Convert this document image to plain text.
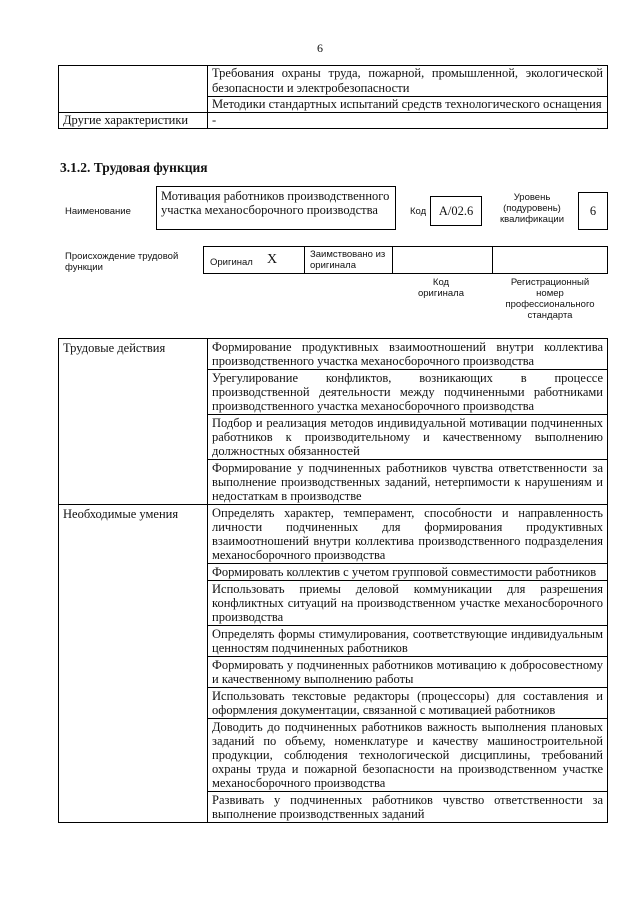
6
	Требования охраны труда, пожарной, промышленной, экологической безопасности и электробезопасности
	Методики стандартных испытаний средств технологического оснащения
Другие характеристики	-
3.1.2. Трудовая функция
Наименование
Мотивация работников производственного участка механосборочного производства	Код	A/02.6
Уровень (подуровень) квалификации
6
Происхождение трудовой функции	Оригинал X	Заимствовано из оригинала
Код оригинала
Регистрационный номер профессионального стандарта
Трудовые действия	Формирование продуктивных взаимоотношений внутри коллектива производственного участка механосборочного производства
	Урегулирование конфликтов, возникающих в процессе производственной деятельности между подчиненными работниками производственного участка механосборочного производства
	Подбор и реализация методов индивидуальной мотивации подчиненных работников к производительному и качественному выполнению должностных обязанностей
	Формирование у подчиненных работников чувства ответственности за выполнение производственных заданий, нетерпимости к нарушениям и недостаткам в производстве
Необходимые умения	Определять характер, темперамент, способности и направленность личности подчиненных для формирования продуктивных взаимоотношений внутри коллектива производственного подразделения механосборочного производства
	Формировать коллектив с учетом групповой совместимости работников
	Использовать приемы деловой коммуникации для разрешения конфликтных ситуаций на производственном участке механосборочного производства
	Определять формы стимулирования, соответствующие индивидуальным ценностям подчиненных работников
	Формировать у подчиненных работников мотивацию к добросовестному и качественному выполнению работы
	Использовать текстовые редакторы (процессоры) для составления и оформления документации, связанной с мотивацией работников
	Доводить до подчиненных работников важность выполнения плановых заданий по объему, номенклатуре и качеству машиностроительной продукции, соблюдения технологической дисциплины, требований охраны труда и пожарной безопасности на производственном участке механосборочного производства
	Развивать у подчиненных работников чувство ответственности за выполнение производственных заданий
